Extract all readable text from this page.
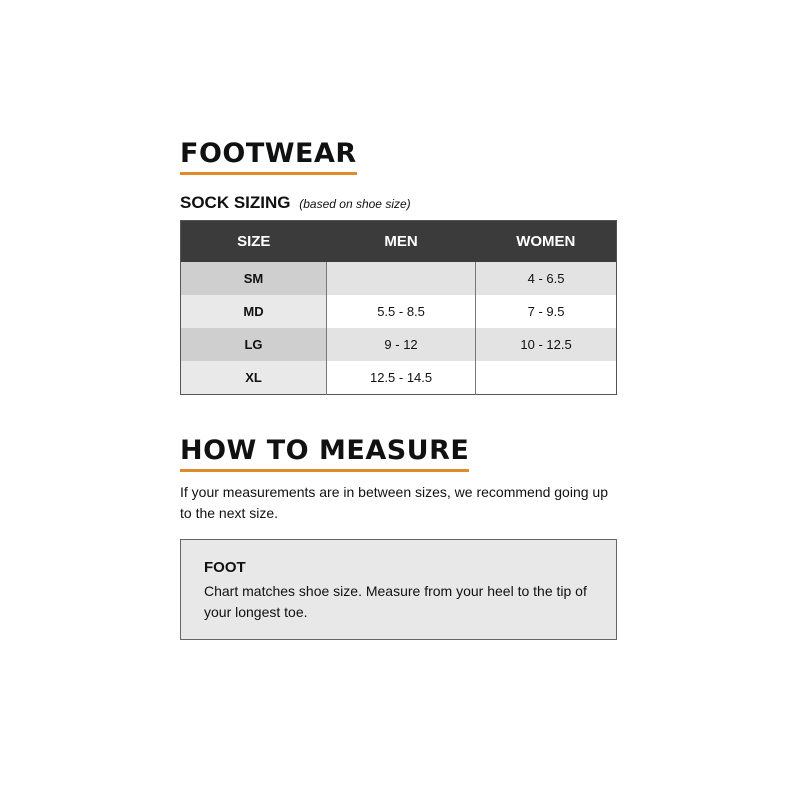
FOOTWEAR
SOCK SIZING (based on shoe size)
SIZE	MEN	WOMEN
SM		4 - 6.5
MD	5.5 - 8.5	7 - 9.5
LG	9 - 12	10 - 12.5
XL	12.5 - 14.5	
HOW TO MEASURE

If your measurements are in between sizes, we recommend going up to the next size.

FOOT

Chart matches shoe size. Measure from your heel to the tip of your longest toe.
